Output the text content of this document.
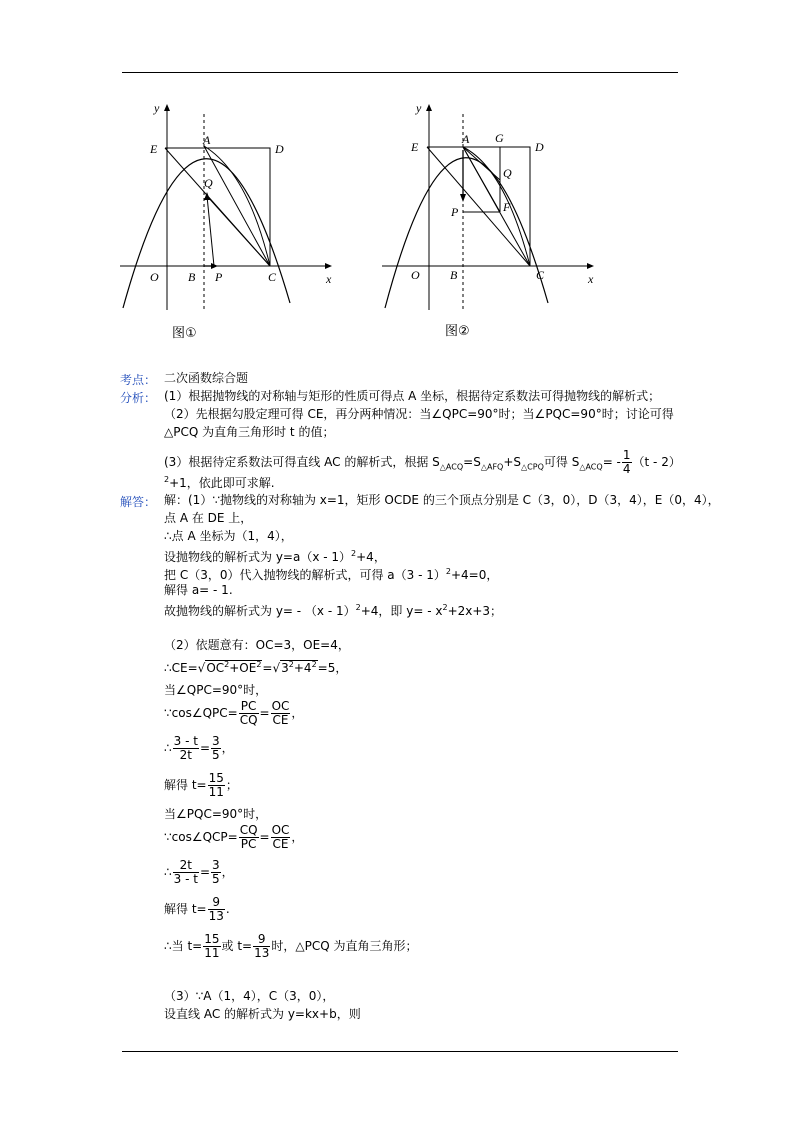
y
x
O B P	C
E
A
D
Q
图①
y
x
O	B	C
E
A G
D
Q
P	F
图②
考点： 二次函数综合题
分析： (1）根据抛物线的对称轴与矩形的性质可得点 A 坐标，根据待定系数法可得抛物线的解析式；
（2）先根据勾股定理可得 CE，再分两种情况：当∠QPC=90°时；当∠PQC=90°时；讨论可得
△PCQ 为直角三角形时 t 的值；
(3）根据待定系数法可得直线 AC 的解析式，根据 $S_{\triangle ACQ}=S_{\triangle AFQ}+S_{\triangle CPQ}$可得 $S_{\triangle ACQ}= - \frac{1}{4} (t - 2)$
$^2$+1，依此即可求解.
解答： 解：(1）∵抛物线的对称轴为 x=1，矩形 OCDE 的三个顶点分别是 C（3，0），D（3，4），E（0，4），
点 A 在 DE 上，
∴点 A 坐标为（1，4），
设抛物线的解析式为 y=a（x - 1）$^2$+4，
把 C（3，0）代入抛物线的解析式，可得 a（3 - 1）$^2$+4=0，
解得 a= - 1.
故抛物线的解析式为 y= - （x - 1）$^2$+4，即 $y= - x^2+2x+3$；
（2）依题意有：OC=3，OE=4，
$\therefore CE=√OC^2+OE^2=√3^2+4^2=5$，
当∠QPC=90°时，
∵cos∠QPC= $\frac{PC}{CQ} = \frac{OC}{CE}$ ，
∴ $\frac{3 - t}{2t} = \frac{3}{5}$ ，
解得 $t= \frac{15}{11}$ ；
当∠PQC=90°时，
∵cos∠QCP= $\frac{CQ}{PC} = \frac{OC}{CE}$ ，
∴ $\frac{2t}{3 - t} = \frac{3}{5}$ ，
解得 $t= \frac{9}{13}$ .
∴当 $t= \frac{15}{11}$ 或 $t= \frac{9}{13}$ 时，△PCQ 为直角三角形；
（3）∵A（1，4），C（3，0），
设直线 AC 的解析式为 y=kx+b，则
